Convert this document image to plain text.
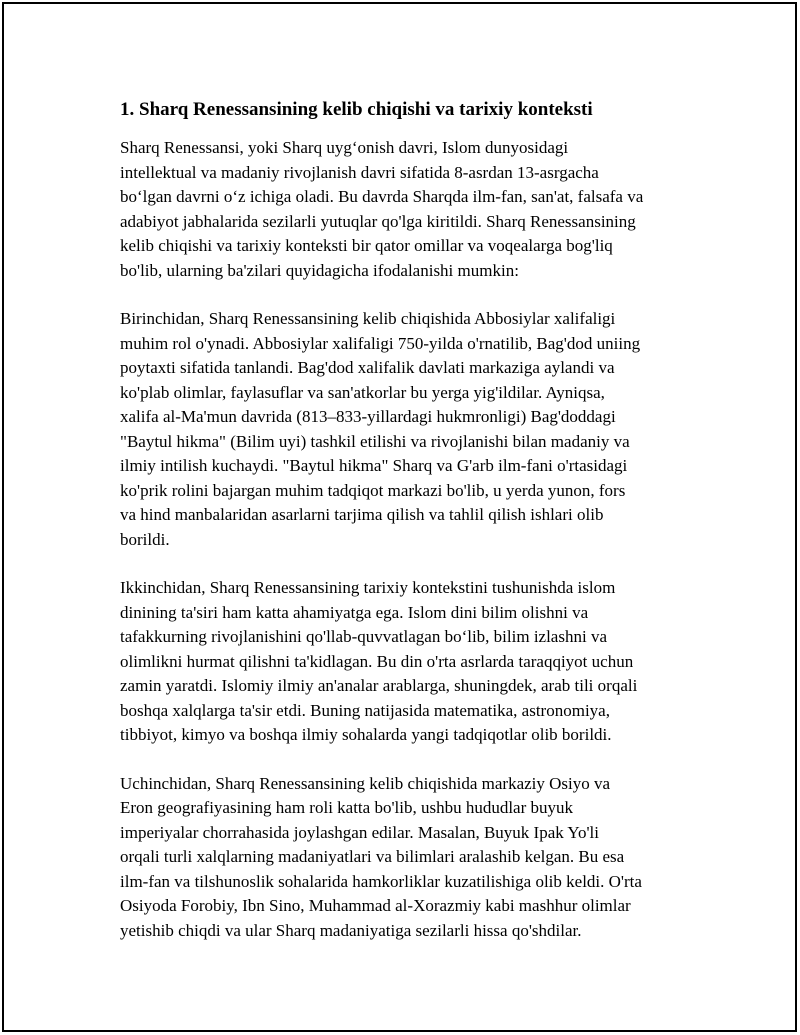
1. Sharq Renessansining kelib chiqishi va tarixiy konteksti

Sharq Renessansi, yoki Sharq uyg‘onish davri, Islom dunyosidagi
intellektual va madaniy rivojlanish davri sifatida 8-asrdan 13-asrgacha
bo‘lgan davrni o‘z ichiga oladi. Bu davrda Sharqda ilm-fan, san'at, falsafa va
adabiyot jabhalarida sezilarli yutuqlar qo'lga kiritildi. Sharq Renessansining
kelib chiqishi va tarixiy konteksti bir qator omillar va voqealarga bog'liq
bo'lib, ularning ba'zilari quyidagicha ifodalanishi mumkin:

Birinchidan, Sharq Renessansining kelib chiqishida Abbosiylar xalifaligi
muhim rol o'ynadi. Abbosiylar xalifaligi 750-yilda o'rnatilib, Bag'dod uniing
poytaxti sifatida tanlandi. Bag'dod xalifalik davlati markaziga aylandi va
ko'plab olimlar, faylasuflar va san'atkorlar bu yerga yig'ildilar. Ayniqsa,
xalifa al-Ma'mun davrida (813–833-yillardagi hukmronligi) Bag'doddagi
"Baytul hikma" (Bilim uyi) tashkil etilishi va rivojlanishi bilan madaniy va
ilmiy intilish kuchaydi. "Baytul hikma" Sharq va G'arb ilm-fani o'rtasidagi
ko'prik rolini bajargan muhim tadqiqot markazi bo'lib, u yerda yunon, fors
va hind manbalaridan asarlarni tarjima qilish va tahlil qilish ishlari olib
borildi.

Ikkinchidan, Sharq Renessansining tarixiy kontekstini tushunishda islom
dinining ta'siri ham katta ahamiyatga ega. Islom dini bilim olishni va
tafakkurning rivojlanishini qo'llab-quvvatlagan bo‘lib, bilim izlashni va
olimlikni hurmat qilishni ta'kidlagan. Bu din o'rta asrlarda taraqqiyot uchun
zamin yaratdi. Islomiy ilmiy an'analar arablarga, shuningdek, arab tili orqali
boshqa xalqlarga ta'sir etdi. Buning natijasida matematika, astronomiya,
tibbiyot, kimyo va boshqa ilmiy sohalarda yangi tadqiqotlar olib borildi.

Uchinchidan, Sharq Renessansining kelib chiqishida markaziy Osiyo va
Eron geografiyasining ham roli katta bo'lib, ushbu hududlar buyuk
imperiyalar chorrahasida joylashgan edilar. Masalan, Buyuk Ipak Yo'li
orqali turli xalqlarning madaniyatlari va bilimlari aralashib kelgan. Bu esa
ilm-fan va tilshunoslik sohalarida hamkorliklar kuzatilishiga olib keldi. O'rta
Osiyoda Forobiy, Ibn Sino, Muhammad al-Xorazmiy kabi mashhur olimlar
yetishib chiqdi va ular Sharq madaniyatiga sezilarli hissa qo'shdilar.
